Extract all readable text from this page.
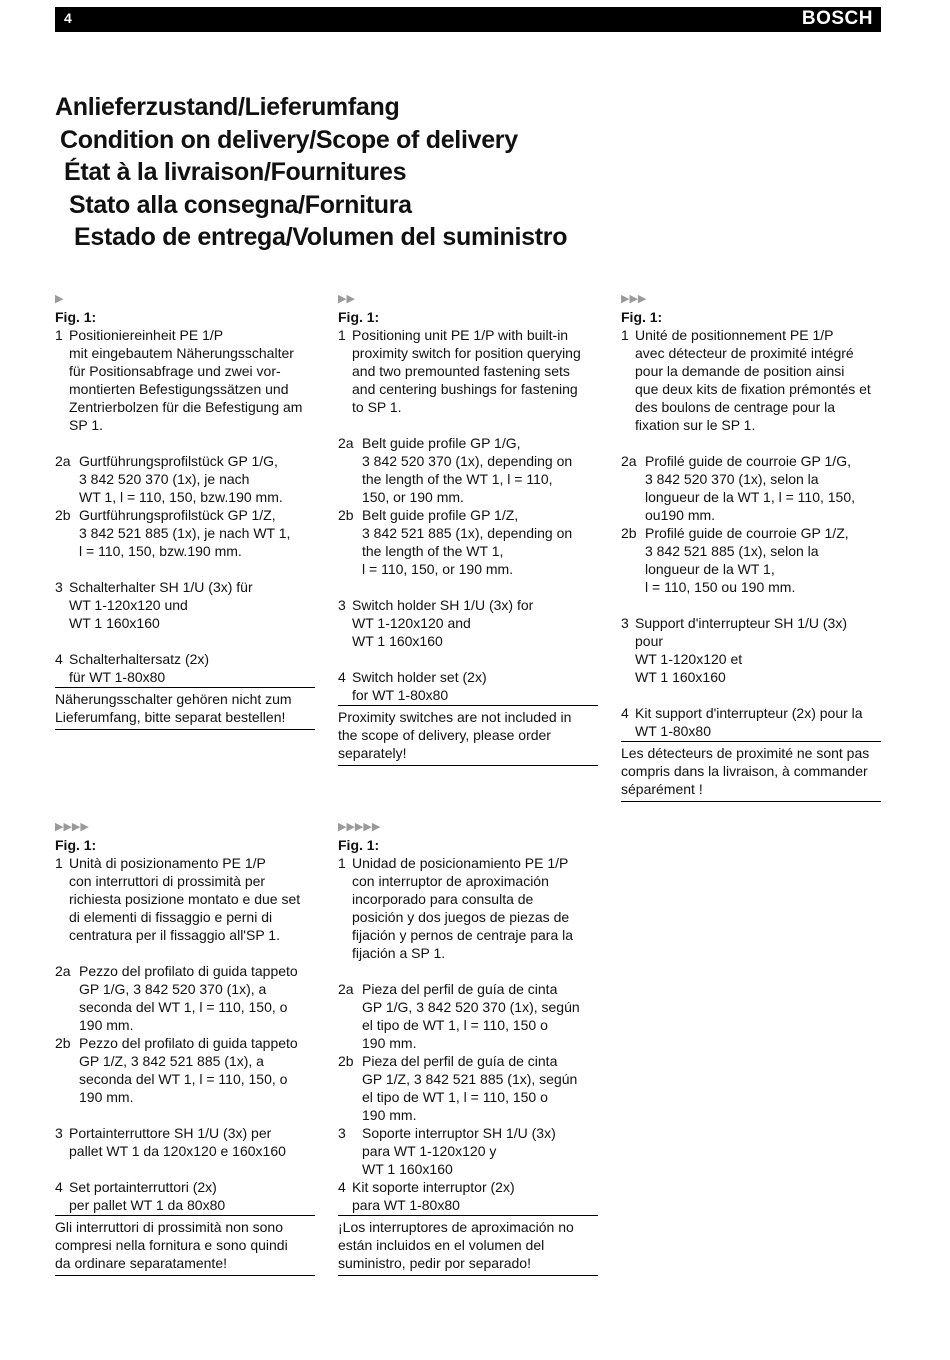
4	BOSCH
Anlieferzustand/Lieferumfang
Condition on delivery/Scope of delivery
État à la livraison/Fournitures
Stato alla consegna/Fornitura
Estado de entrega/Volumen del suministro
▶
Fig. 1:
1 Positioniereinheit PE 1/P
mit eingebautem Näherungsschalter
für Positionsabfrage und zwei vor-
montierten Befestigungssätzen und
Zentrierbolzen für die Befestigung am
SP 1.
2a Gurtführungsprofilstück GP 1/G,
3 842 520 370 (1x), je nach
WT 1, l = 110, 150, bzw.190 mm.
2b Gurtführungsprofilstück GP 1/Z,
3 842 521 885 (1x), je nach WT 1,
l = 110, 150, bzw.190 mm.
3 Schalterhalter SH 1/U (3x) für
WT 1-120x120 und
WT 1 160x160
4 Schalterhaltersatz (2x)
für WT 1-80x80
Näherungsschalter gehören nicht zum
Lieferumfang, bitte separat bestellen!
▶▶
Fig. 1:
1 Positioning unit PE 1/P with built-in
proximity switch for position querying
and two premounted fastening sets
and centering bushings for fastening
to SP 1.
2a Belt guide profile GP 1/G,
3 842 520 370 (1x), depending on
the length of the WT 1, l = 110,
150, or 190 mm.
2b Belt guide profile GP 1/Z,
3 842 521 885 (1x), depending on
the length of the WT 1,
l = 110, 150, or 190 mm.
3 Switch holder SH 1/U (3x) for
WT 1-120x120 and
WT 1 160x160
4 Switch holder set (2x)
for WT 1-80x80
Proximity switches are not included in
the scope of delivery, please order
separately!
▶▶▶
Fig. 1:
1 Unité de positionnement PE 1/P
avec détecteur de proximité intégré
pour la demande de position ainsi
que deux kits de fixation prémontés et
des boulons de centrage pour la
fixation sur le SP 1.
2a Profilé guide de courroie GP 1/G,
3 842 520 370 (1x), selon la
longueur de la WT 1, l = 110, 150,
ou190 mm.
2b Profilé guide de courroie GP 1/Z,
3 842 521 885 (1x), selon la
longueur de la WT 1,
l = 110, 150 ou 190 mm.
3 Support d'interrupteur SH 1/U (3x)
pour
WT 1-120x120 et
WT 1 160x160
4 Kit support d'interrupteur (2x) pour la
WT 1-80x80
Les détecteurs de proximité ne sont pas
compris dans la livraison, à commander
séparément !
▶▶▶▶
Fig. 1:
1 Unità di posizionamento PE 1/P
con interruttori di prossimità per
richiesta posizione montato e due set
di elementi di fissaggio e perni di
centratura per il fissaggio all'SP 1.
2a Pezzo del profilato di guida tappeto
GP 1/G, 3 842 520 370 (1x), a
seconda del WT 1, l = 110, 150, o
190 mm.
2b Pezzo del profilato di guida tappeto
GP 1/Z, 3 842 521 885 (1x), a
seconda del WT 1, l = 110, 150, o
190 mm.
3 Portainterruttore SH 1/U (3x) per
pallet WT 1 da 120x120 e 160x160
4 Set portainterruttori (2x)
per pallet WT 1 da 80x80
Gli interruttori di prossimità non sono
compresi nella fornitura e sono quindi
da ordinare separatamente!
▶▶▶▶▶
Fig. 1:
1 Unidad de posicionamiento PE 1/P
con interruptor de aproximación
incorporado para consulta de
posición y dos juegos de piezas de
fijación y pernos de centraje para la
fijación a SP 1.
2a Pieza del perfil de guía de cinta
GP 1/G, 3 842 520 370 (1x), según
el tipo de WT 1, l = 110, 150 o
190 mm.
2b Pieza del perfil de guía de cinta
GP 1/Z, 3 842 521 885 (1x), según
el tipo de WT 1, l = 110, 150 o
190 mm.
3	Soporte interruptor SH 1/U (3x)
para WT 1-120x120 y
WT 1 160x160
4 Kit soporte interruptor (2x)
para WT 1-80x80
¡Los interruptores de aproximación no
están incluidos en el volumen del
suministro, pedir por separado!
